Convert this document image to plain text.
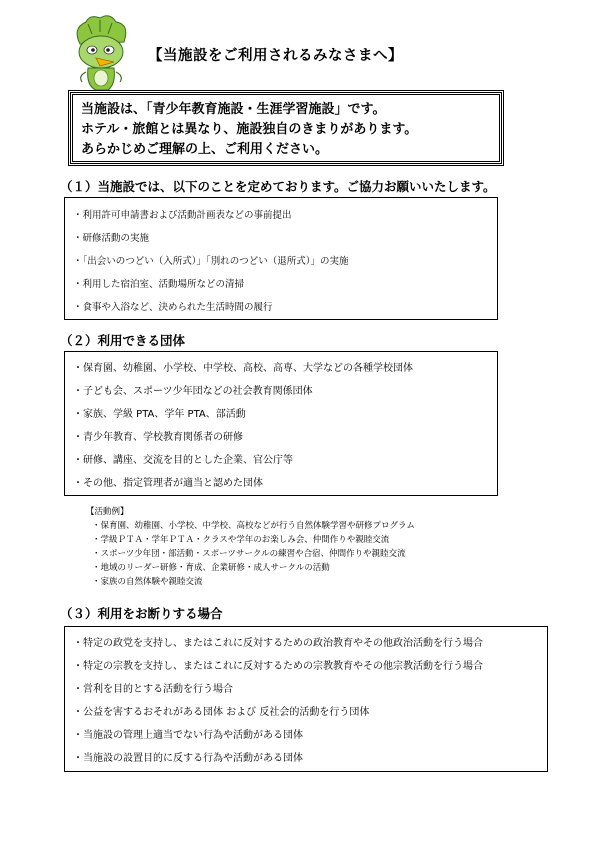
【当施設をご利用されるみなさまへ】
当施設は、「青少年教育施設・生涯学習施設」です。
ホテル・旅館とは異なり、施設独自のきまりがあります。
あらかじめご理解の上、ご利用ください。
（１）当施設では、以下のことを定めております。ご協力お願いいたします。
・利用許可申請書および活動計画表などの事前提出
・研修活動の実施
・「出会いのつどい（入所式）」「別れのつどい（退所式）」の実施
・利用した宿泊室、活動場所などの清掃
・食事や入浴など、決められた生活時間の履行
（２）利用できる団体
・保育園、幼稚園、小学校、中学校、高校、高専、大学などの各種学校団体
・子ども会、スポーツ少年団などの社会教育関係団体
・家族、学級 PTA、学年 PTA、部活動
・青少年教育、学校教育関係者の研修
・研修、講座、交流を目的とした企業、官公庁等
・その他、指定管理者が適当と認めた団体
【活動例】
・保育園、幼稚園、小学校、中学校、高校などが行う自然体験学習や研修プログラム
・学級ＰＴＡ・学年ＰＴＡ・クラスや学年のお楽しみ会、仲間作りや親睦交流
・スポーツ少年団・部活動・スポーツサークルの練習や合宿、仲間作りや親睦交流
・地域のリーダー研修・育成、企業研修・成人サークルの活動
・家族の自然体験や親睦交流
（３）利用をお断りする場合
・特定の政党を支持し、またはこれに反対するための政治教育やその他政治活動を行う場合
・特定の宗教を支持し、またはこれに反対するための宗教教育やその他宗教活動を行う場合
・営利を目的とする活動を行う場合
・公益を害するおそれがある団体 および 反社会的活動を行う団体
・当施設の管理上適当でない行為や活動がある団体
・当施設の設置目的に反する行為や活動がある団体
